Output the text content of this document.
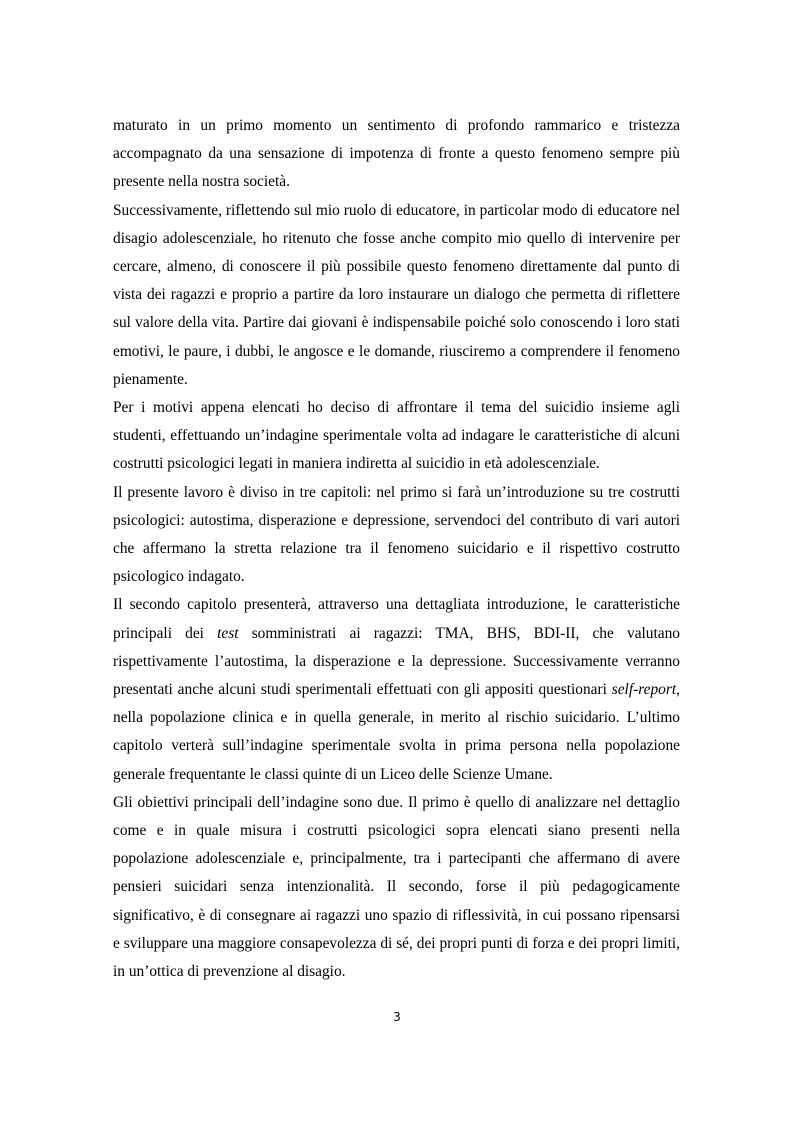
maturato in un primo momento un sentimento di profondo rammarico e tristezza accompagnato da una sensazione di impotenza di fronte a questo fenomeno sempre più presente nella nostra società.

Successivamente, riflettendo sul mio ruolo di educatore, in particolar modo di educatore nel disagio adolescenziale, ho ritenuto che fosse anche compito mio quello di intervenire per cercare, almeno, di conoscere il più possibile questo fenomeno direttamente dal punto di vista dei ragazzi e proprio a partire da loro instaurare un dialogo che permetta di riflettere sul valore della vita. Partire dai giovani è indispensabile poiché solo conoscendo i loro stati emotivi, le paure, i dubbi, le angosce e le domande, riusciremo a comprendere il fenomeno pienamente.

Per i motivi appena elencati ho deciso di affrontare il tema del suicidio insieme agli studenti, effettuando un’indagine sperimentale volta ad indagare le caratteristiche di alcuni costrutti psicologici legati in maniera indiretta al suicidio in età adolescenziale.

Il presente lavoro è diviso in tre capitoli: nel primo si farà un’introduzione su tre costrutti psicologici: autostima, disperazione e depressione, servendoci del contributo di vari autori che affermano la stretta relazione tra il fenomeno suicidario e il rispettivo costrutto psicologico indagato.

Il secondo capitolo presenterà, attraverso una dettagliata introduzione, le caratteristiche principali dei test somministrati ai ragazzi: TMA, BHS, BDI-II, che valutano rispettivamente l’autostima, la disperazione e la depressione. Successivamente verranno presentati anche alcuni studi sperimentali effettuati con gli appositi questionari self-report, nella popolazione clinica e in quella generale, in merito al rischio suicidario. L’ultimo capitolo verterà sull’indagine sperimentale svolta in prima persona nella popolazione generale frequentante le classi quinte di un Liceo delle Scienze Umane.

Gli obiettivi principali dell’indagine sono due. Il primo è quello di analizzare nel dettaglio come e in quale misura i costrutti psicologici sopra elencati siano presenti nella popolazione adolescenziale e, principalmente, tra i partecipanti che affermano di avere pensieri suicidari senza intenzionalità. Il secondo, forse il più pedagogicamente significativo, è di consegnare ai ragazzi uno spazio di riflessività, in cui possano ripensarsi e sviluppare una maggiore consapevolezza di sé, dei propri punti di forza e dei propri limiti, in un’ottica di prevenzione al disagio.

3
